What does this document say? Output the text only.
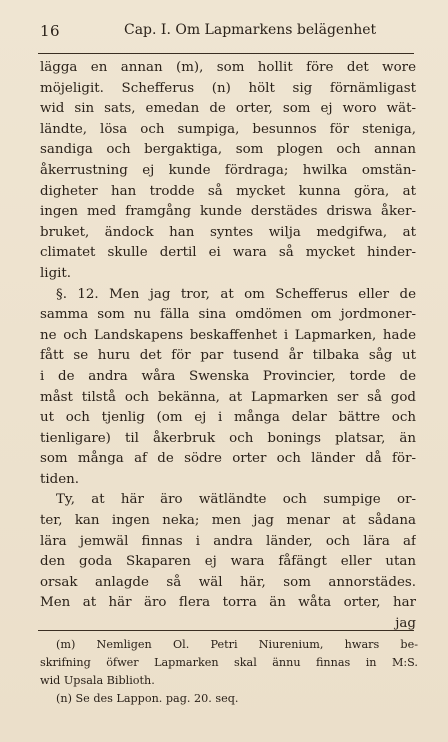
16	Cap. I. Om Lapmarkens belägenhet
lägga en annan (m), som hollit före det wore
möjeligit. Schefferus (n) hölt sig förnämligast
wid sin sats, emedan de orter, som ej woro wät-
ländte, lösa och sumpiga, besunnos för steniga,
sandiga och bergaktiga, som plogen och annan
åkerrustning ej kunde fördraga; hwilka omstän-
digheter han trodde så mycket kunna göra, at
ingen med framgång kunde derstädes driswa åker-
bruket, ändock han syntes wilja medgifwa, at
climatet skulle dertil ei wara så mycket hinder-
ligit.
§. 12. Men jag tror, at om Schefferus eller de
samma som nu fälla sina omdömen om jordmoner-
ne och Landskapens beskaffenhet i Lapmarken, hade
fått se huru det för par tusend år tilbaka såg ut
i de andra wåra Swenska Provincier, torde de
måst tilstå och bekänna, at Lapmarken ser så god
ut och tjenlig (om ej i många delar bättre och
tienligare) til åkerbruk och bonings platsar, än
som många af de södre orter och länder då för-
tiden.
Ty, at här äro wätländte och sumpige or-
ter, kan ingen neka; men jag menar at sådana
lära jemwäl finnas i andra länder, och lära af
den goda Skaparen ej wara fåfängt eller utan
orsak anlagde så wäl här, som annorstädes.
Men at här äro flera torra än wåta orter, har
jag
(m) Nemligen Ol. Petri Niurenium, hwars be-
skrifning öfwer Lapmarken skal ännu finnas in M:S.
wid Upsala Biblioth.
(n) Se des Lappon. pag. 20. seq.
